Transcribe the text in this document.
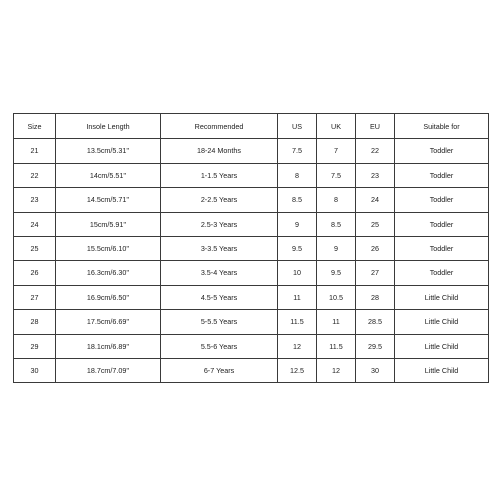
Size	Insole Length	Recommended	US	UK	EU	Suitable for
21	13.5cm/5.31''	18-24 Months	7.5	7	22	Toddler
22	14cm/5.51''	1-1.5 Years	8	7.5	23	Toddler
23	14.5cm/5.71''	2-2.5 Years	8.5	8	24	Toddler
24	15cm/5.91''	2.5-3 Years	9	8.5	25	Toddler
25	15.5cm/6.10''	3-3.5 Years	9.5	9	26	Toddler
26	16.3cm/6.30''	3.5-4 Years	10	9.5	27	Toddler
27	16.9cm/6.50''	4.5-5 Years	11	10.5	28	Little Child
28	17.5cm/6.69''	5-5.5 Years	11.5	11	28.5	Little Child
29	18.1cm/6.89''	5.5-6 Years	12	11.5	29.5	Little Child
30	18.7cm/7.09''	6-7 Years	12.5	12	30	Little Child
